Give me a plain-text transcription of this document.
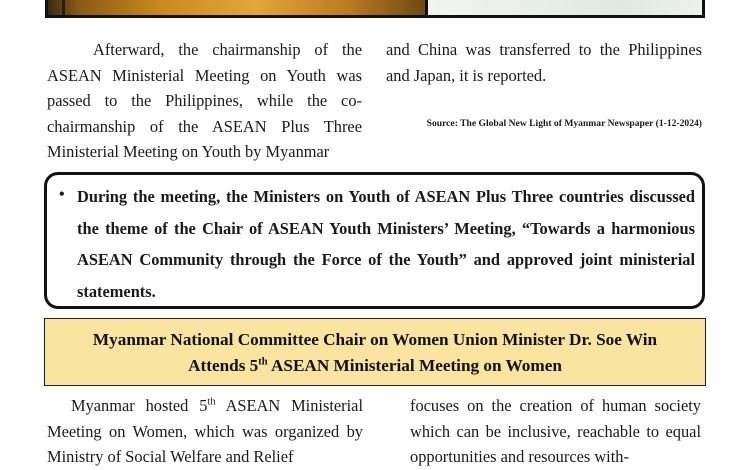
Afterward, the chairmanship of the ASEAN Ministerial Meeting on Youth was passed to the Philippines, while the co-chairmanship of the ASEAN Plus Three Ministerial Meeting on Youth by Myanmar

and China was transferred to the Philippines and Japan, it is reported.

Source: The Global New Light of Myanmar Newspaper (1-12-2024)
• During the meeting, the Ministers on Youth of ASEAN Plus Three countries discussed the theme of the Chair of ASEAN Youth Ministers’ Meeting, “Towards a harmonious ASEAN Community through the Force of the Youth” and approved joint ministerial statements.

Myanmar National Committee Chair on Women Union Minister Dr. Soe Win

Attends 5th ASEAN Ministerial Meeting on Women

Myanmar hosted 5th ASEAN Ministerial Meeting on Women, which was organized by Ministry of Social Welfare and Relief

focuses on the creation of human society which can be inclusive, reachable to equal opportunities and resources with-
